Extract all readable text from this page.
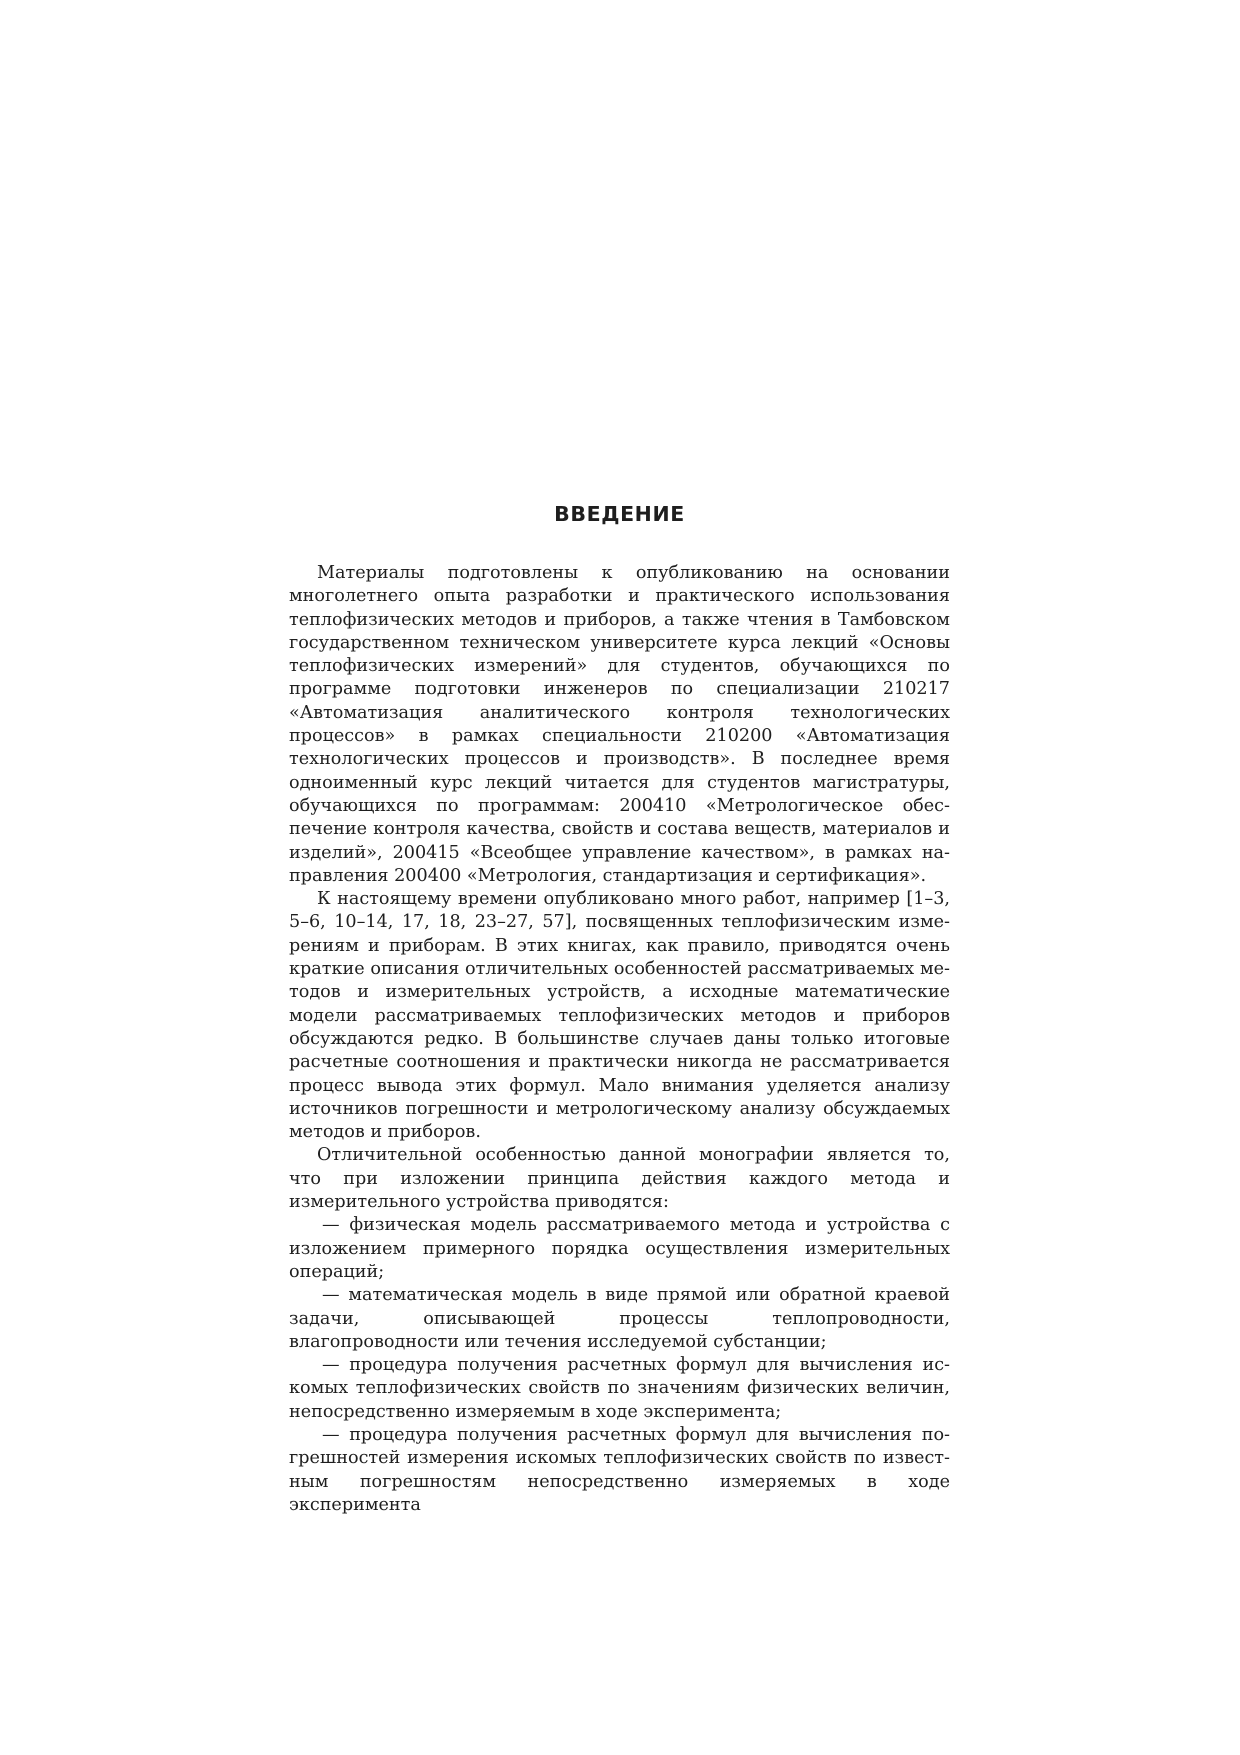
ВВЕДЕНИЕ

Материалы подготовлены к опубликованию на основании многолетнего опыта разработки и практического использования теплофизических методов и приборов, а также чтения в Тамбовском государственном техническом университете курса лекций «Основы теплофизических измерений» для студентов, обучающихся по программе подготовки инженеров по специализации 210217 «Автоматизация аналитического контроля технологических процессов» в рамках специальности 210200 «Автоматизация технологических процессов и производств». В последнее время одноименный курс лекций читается для студентов магистратуры, обучающихся по программам: 200410 «Метрологическое обеспечение контроля качества, свойств и состава веществ, материалов и изделий», 200415 «Всеобщее управление качеством», в рамках направления 200400 «Метрология, стандартизация и сертификация».

К настоящему времени опубликовано много работ, например [1–3, 5–6, 10–14, 17, 18, 23–27, 57], посвященных теплофизическим измерениям и приборам. В этих книгах, как правило, приводятся очень краткие описания отличительных особенностей рассматриваемых методов и измерительных устройств, а исходные математические модели рассматриваемых теплофизических методов и приборов обсуждаются редко. В большинстве случаев даны только итоговые расчетные соотношения и практически никогда не рассматривается процесс вывода этих формул. Мало внимания уделяется анализу источников погрешности и метрологическому анализу обсуждаемых методов и приборов.

Отличительной особенностью данной монографии является то, что при изложении принципа действия каждого метода и измерительного устройства приводятся:

— физическая модель рассматриваемого метода и устройства с изложением примерного порядка осуществления измерительных операций;

— математическая модель в виде прямой или обратной краевой задачи, описывающей процессы теплопроводности, влагопроводности или течения исследуемой субстанции;

— процедура получения расчетных формул для вычисления искомых теплофизических свойств по значениям физических величин, непосредственно измеряемым в ходе эксперимента;

— процедура получения расчетных формул для вычисления погрешностей измерения искомых теплофизических свойств по известным погрешностям непосредственно измеряемых в ходе эксперимента
